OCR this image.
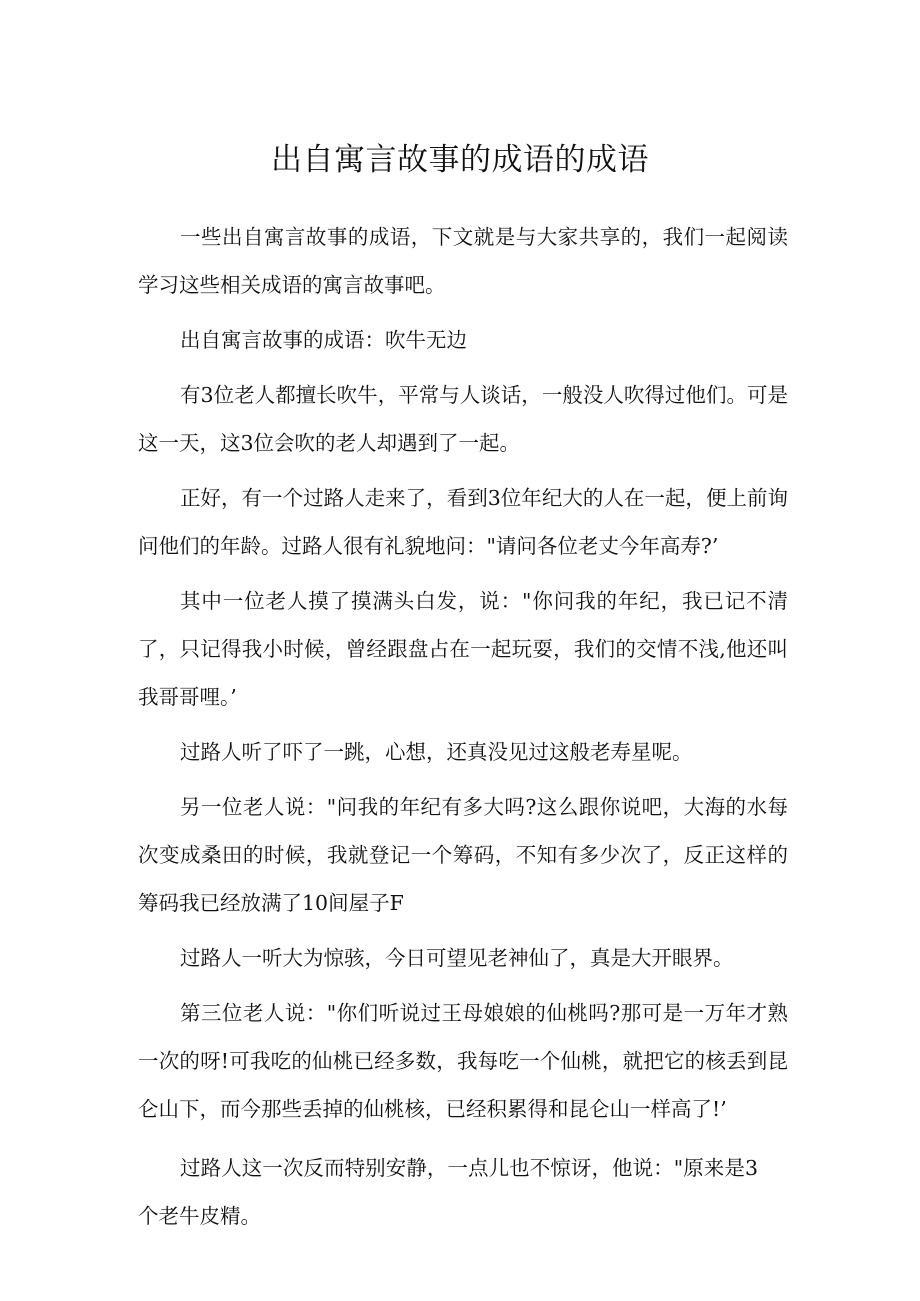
出自寓言故事的成语的成语

一些出自寓言故事的成语，下文就是与大家共享的，我们一起阅读学习这些相关成语的寓言故事吧。

出自寓言故事的成语：吹牛无边

有3位老人都擅长吹牛，平常与人谈话，一般没人吹得过他们。可是这一天，这3位会吹的老人却遇到了一起。

正好，有一个过路人走来了，看到3位年纪大的人在一起，便上前询问他们的年龄。过路人很有礼貌地问："请问各位老丈今年高寿?’

其中一位老人摸了摸满头白发，说："你问我的年纪，我已记不清了，只记得我小时候，曾经跟盘占在一起玩耍，我们的交情不浅,他还叫我哥哥哩。’

过路人听了吓了一跳，心想，还真没见过这般老寿星呢。

另一位老人说："问我的年纪有多大吗?这么跟你说吧，大海的水每次变成桑田的时候，我就登记一个筹码，不知有多少次了，反正这样的筹码我已经放满了10间屋子F

过路人一听大为惊骇，今日可望见老神仙了，真是大开眼界。

第三位老人说："你们听说过王母娘娘的仙桃吗?那可是一万年才熟一次的呀!可我吃的仙桃已经多数，我每吃一个仙桃，就把它的核丢到昆仑山下，而今那些丢掉的仙桃核，已经积累得和昆仑山一样高了!’

过路人这一次反而特别安静，一点儿也不惊讶，他说："原来是3个老牛皮精。
